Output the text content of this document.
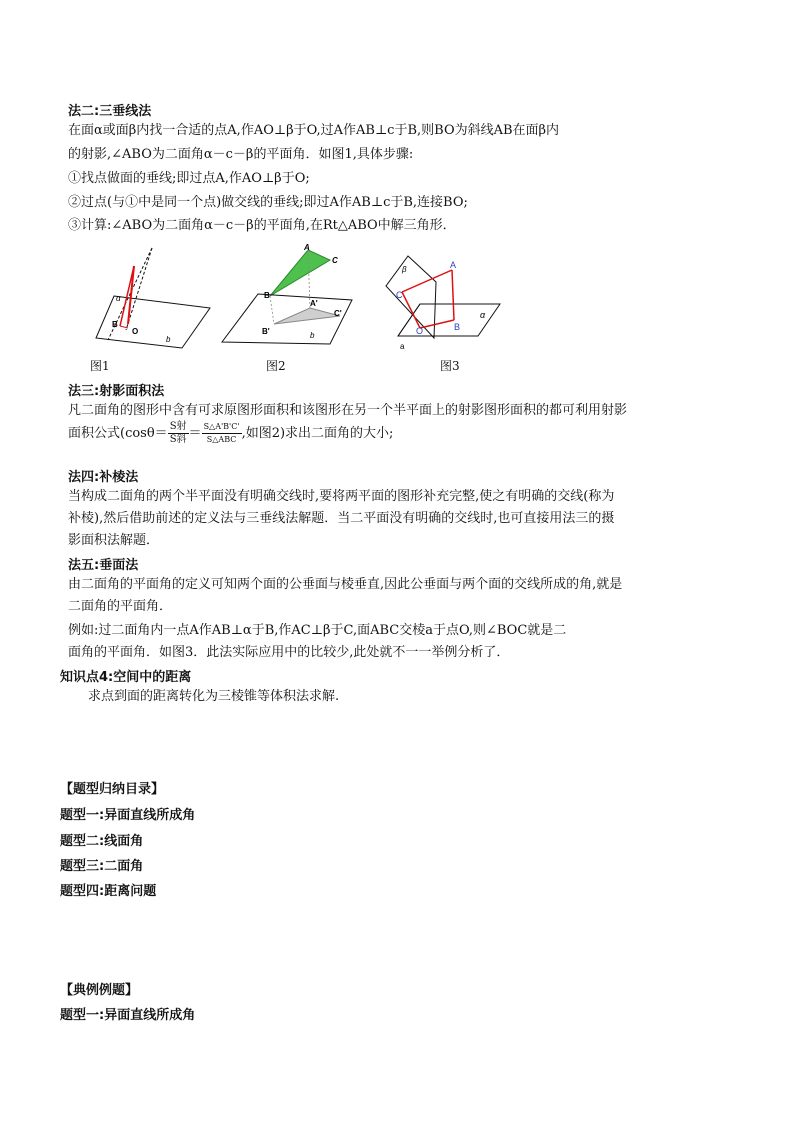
法二:三垂线法
在面α或面β内找一合适的点A,作AO⊥β于O,过A作AB⊥c于B,则BO为斜线AB在面β内
的射影,∠ABO为二面角α－c－β的平面角．如图1,具体步骤:
①找点做面的垂线;即过点A,作AO⊥β于O;
②过点(与①中是同一个点)做交线的垂线;即过A作AB⊥c于B,连接BO;
③计算:∠ABO为二面角α－c－β的平面角,在Rt△ABO中解三角形．
α
B
O
b
图1
A
C
B
A'
C'
B'	b
图2
A
C
O	B
β
α
a
图3
法三:射影面积法
凡二面角的图形中含有可求原图形面积和该图形在另一个半平面上的射影图形面积的都可利用射影
面积公式($\cos\theta= \frac{\text{S射}}{\text{S斜}} = \frac{S\triangle A'B'C'}{\text{S△ABC}}$ ,如图2)求出二面角的大小;
法四:补棱法
当构成二面角的两个半平面没有明确交线时,要将两平面的图形补充完整,使之有明确的交线(称为
补棱),然后借助前述的定义法与三垂线法解题．当二平面没有明确的交线时,也可直接用法三的摄
影面积法解题．
法五:垂面法
由二面角的平面角的定义可知两个面的公垂面与棱垂直,因此公垂面与两个面的交线所成的角,就是
二面角的平面角．
例如:过二面角内一点A作AB⊥α于B,作AC⊥β于C,面ABC交棱a于点O,则∠BOC就是二
面角的平面角．如图3．此法实际应用中的比较少,此处就不一一举例分析了．
知识点4:空间中的距离
求点到面的距离转化为三棱锥等体积法求解.
【题型归纳目录】
题型一:异面直线所成角
题型二:线面角
题型三:二面角
题型四:距离问题
【典例例题】
题型一:异面直线所成角
